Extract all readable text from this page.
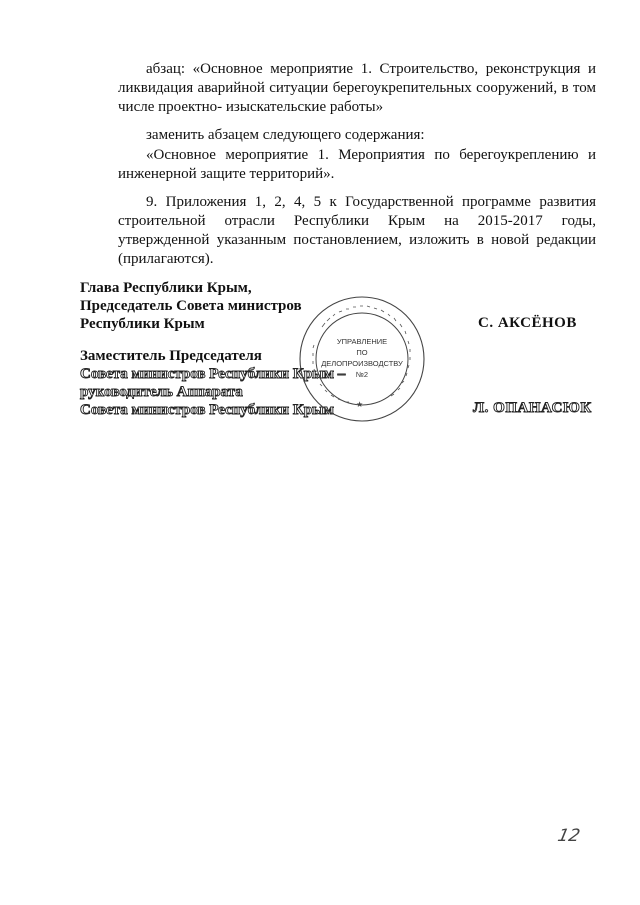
абзац: «Основное мероприятие 1. Строительство, реконструкция и ликвидация аварийной ситуации берегоукрепительных сооружений, в том числе проектно- изыскательские работы»
заменить абзацем следующего содержания:
«Основное мероприятие 1. Мероприятия по берегоукреплению и инженерной защите территорий».
9. Приложения 1, 2, 4, 5 к Государственной программе развития строительной отрасли Республики Крым на 2015-2017 годы, утвержденной указанным постановлением, изложить в новой редакции (прилагаются).
Глава Республики Крым,
Председатель Совета министров
Республики Крым	С. АКСЁНОВ
Заместитель Председателя
Совета министров Республики Крым –
руководитель Аппарата
Совета министров Республики Крым	Л. ОПАНАСЮК
★
УПРАВЛЕНИЕ
ПО
ДЕЛОПРОИЗВОДСТВУ
№2
12
